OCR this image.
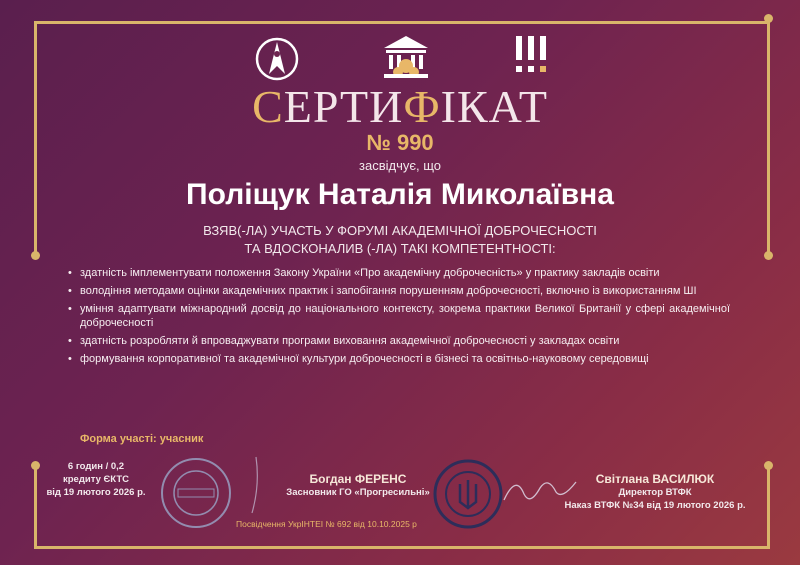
СЕРТИФІКАТ
№ 990
засвідчує, що
Поліщук Наталія Миколаївна
ВЗЯВ(-ЛА) УЧАСТЬ У ФОРУМІ АКАДЕМІЧНОЇ ДОБРОЧЕСНОСТІ
ТА ВДОСКОНАЛИВ (-ЛА) ТАКІ КОМПЕТЕНТНОСТІ:
• здатність імплементувати положення Закону України «Про академічну доброчесність» у практику закладів освіти
• володіння методами оцінки академічних практик і запобігання порушенням доброчесності, включно із використанням ШІ
• уміння адаптувати міжнародний досвід до національного контексту, зокрема практики Великої Британії у сфері академічної доброчесності
• здатність розробляти й впроваджувати програми виховання академічної доброчесності у закладах освіти
• формування корпоративної та академічної культури доброчесності в бізнесі та освітньо-науковому середовищі
Форма участі: учасник
6 годин / 0,2
кредиту ЄКТС
від 19 лютого 2026 р.
Богдан ФЕРЕНС
Засновник ГО «Прогресильні»
Світлана ВАСИЛЮК
Директор ВТФК
Наказ ВТФК №34 від 19 лютого 2026 р.
Посвідчення УкрІНТЕІ № 692 від 10.10.2025 р
